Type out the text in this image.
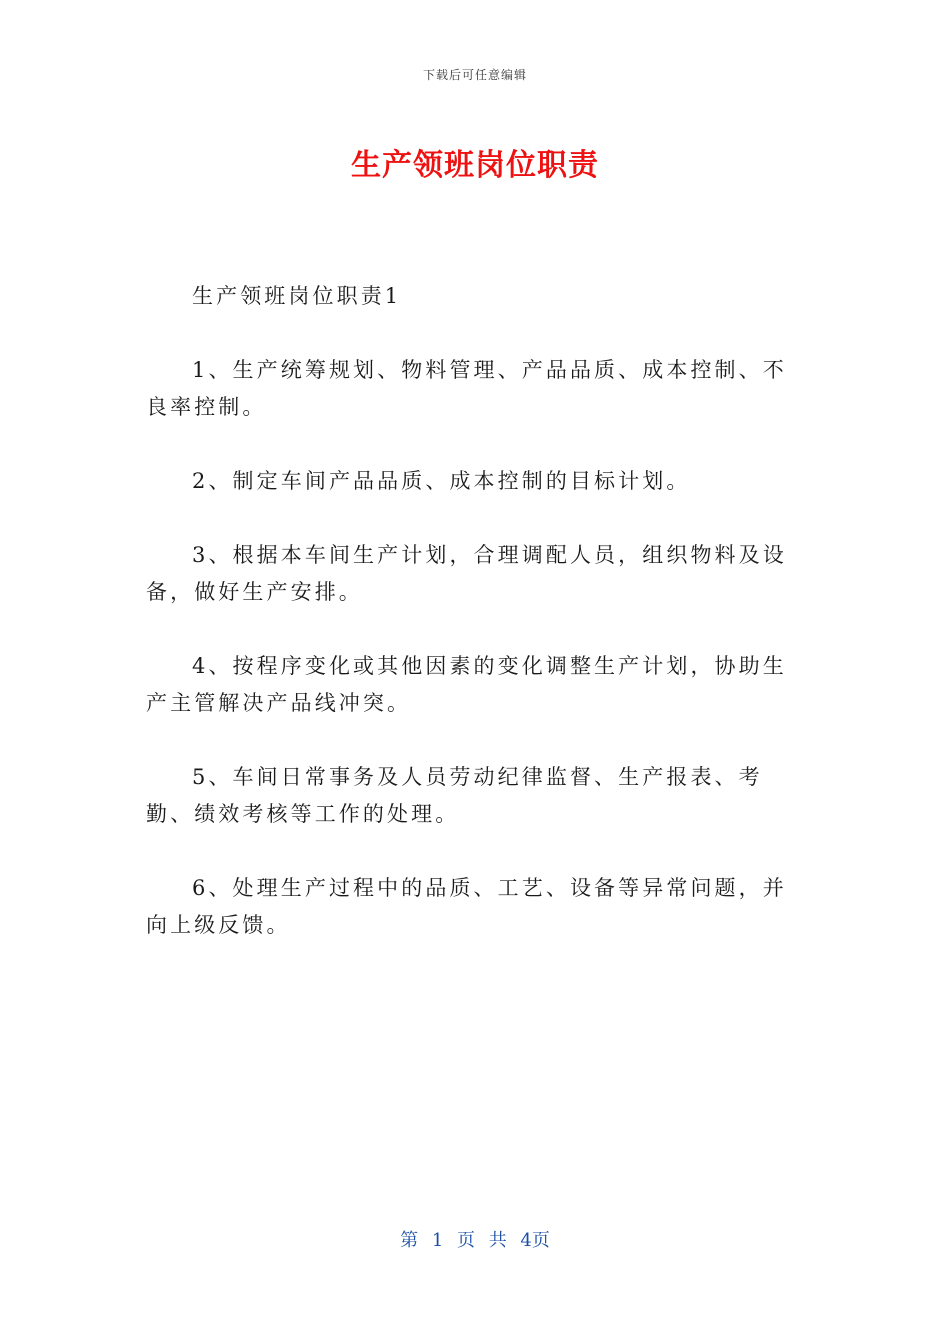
下载后可任意编辑
生产领班岗位职责

生产领班岗位职责1

1、生产统筹规划、物料管理、产品品质、成本控制、不良率控制。

2、制定车间产品品质、成本控制的目标计划。

3、根据本车间生产计划，合理调配人员，组织物料及设备，做好生产安排。

4、按程序变化或其他因素的变化调整生产计划，协助生产主管解决产品线冲突。

5、车间日常事务及人员劳动纪律监督、生产报表、考勤、绩效考核等工作的处理。

6、处理生产过程中的品质、工艺、设备等异常问题，并向上级反馈。

第 1 页 共 4页
